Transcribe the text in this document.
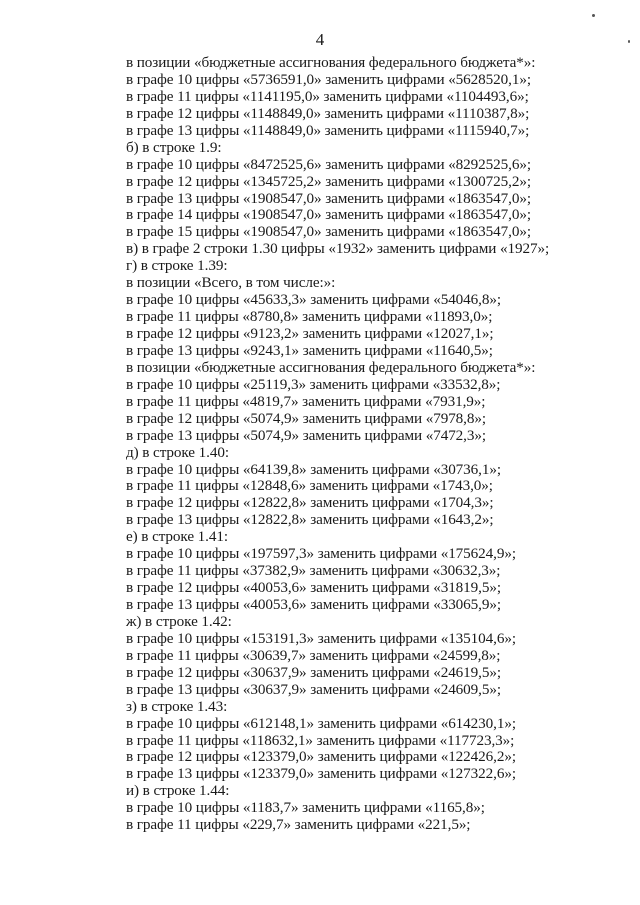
4
в позиции «бюджетные ассигнования федерального бюджета*»:
в графе 10 цифры «5736591,0» заменить цифрами «5628520,1»;
в графе 11 цифры «1141195,0» заменить цифрами «1104493,6»;
в графе 12 цифры «1148849,0» заменить цифрами «1110387,8»;
в графе 13 цифры «1148849,0» заменить цифрами «1115940,7»;
б) в строке 1.9:
в графе 10 цифры «8472525,6» заменить цифрами «8292525,6»;
в графе 12 цифры «1345725,2» заменить цифрами «1300725,2»;
в графе 13 цифры «1908547,0» заменить цифрами «1863547,0»;
в графе 14 цифры «1908547,0» заменить цифрами «1863547,0»;
в графе 15 цифры «1908547,0» заменить цифрами «1863547,0»;
в) в графе 2 строки 1.30 цифры «1932» заменить цифрами «1927»;
г) в строке 1.39:
в позиции «Всего, в том числе:»:
в графе 10 цифры «45633,3» заменить цифрами «54046,8»;
в графе 11 цифры «8780,8» заменить цифрами «11893,0»;
в графе 12 цифры «9123,2» заменить цифрами «12027,1»;
в графе 13 цифры «9243,1» заменить цифрами «11640,5»;
в позиции «бюджетные ассигнования федерального бюджета*»:
в графе 10 цифры «25119,3» заменить цифрами «33532,8»;
в графе 11 цифры «4819,7» заменить цифрами «7931,9»;
в графе 12 цифры «5074,9» заменить цифрами «7978,8»;
в графе 13 цифры «5074,9» заменить цифрами «7472,3»;
д) в строке 1.40:
в графе 10 цифры «64139,8» заменить цифрами «30736,1»;
в графе 11 цифры «12848,6» заменить цифрами «1743,0»;
в графе 12 цифры «12822,8» заменить цифрами «1704,3»;
в графе 13 цифры «12822,8» заменить цифрами «1643,2»;
е) в строке 1.41:
в графе 10 цифры «197597,3» заменить цифрами «175624,9»;
в графе 11 цифры «37382,9» заменить цифрами «30632,3»;
в графе 12 цифры «40053,6» заменить цифрами «31819,5»;
в графе 13 цифры «40053,6» заменить цифрами «33065,9»;
ж) в строке 1.42:
в графе 10 цифры «153191,3» заменить цифрами «135104,6»;
в графе 11 цифры «30639,7» заменить цифрами «24599,8»;
в графе 12 цифры «30637,9» заменить цифрами «24619,5»;
в графе 13 цифры «30637,9» заменить цифрами «24609,5»;
з) в строке 1.43:
в графе 10 цифры «612148,1» заменить цифрами «614230,1»;
в графе 11 цифры «118632,1» заменить цифрами «117723,3»;
в графе 12 цифры «123379,0» заменить цифрами «122426,2»;
в графе 13 цифры «123379,0» заменить цифрами «127322,6»;
и) в строке 1.44:
в графе 10 цифры «1183,7» заменить цифрами «1165,8»;
в графе 11 цифры «229,7» заменить цифрами «221,5»;
